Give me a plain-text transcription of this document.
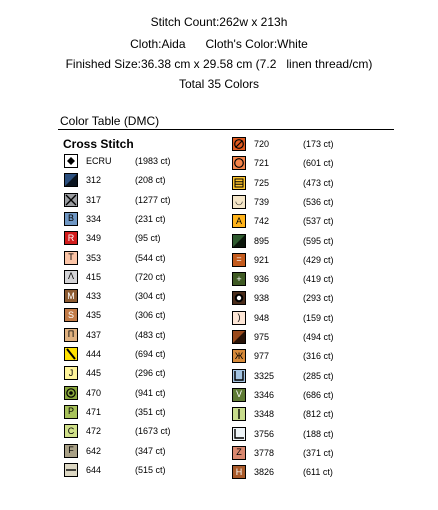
Stitch Count:262w x 213h
Cloth:Aida      Cloth's Color:White
Finished Size:36.38 cm x 29.58 cm (7.2   linen thread/cm)
Total 35 Colors
Color Table (DMC)
Cross Stitch
ECRU	(1983 ct)
312	(208 ct)
317	(1277 ct)
B	334	(231 ct)
R	349	(95 ct)
T	353	(544 ct)
Λ	415	(720 ct)
M	433	(304 ct)
S	435	(306 ct)
Π	437	(483 ct)
444	(694 ct)
J	445	(296 ct)
470	(941 ct)
P	471	(351 ct)
C	472	(1673 ct)
F	642	(347 ct)
644	(515 ct)
720	(173 ct)
721	(601 ct)
725	(473 ct)
◡	739	(536 ct)
A	742	(537 ct)
895	(595 ct)
=	921	(429 ct)
+	936	(419 ct)
938	(293 ct)
)	948	(159 ct)
975	(494 ct)
Ж	977	(316 ct)
3325	(285 ct)
V	3346	(686 ct)
3348	(812 ct)
3756	(188 ct)
Z	3778	(371 ct)
H	3826	(611 ct)
